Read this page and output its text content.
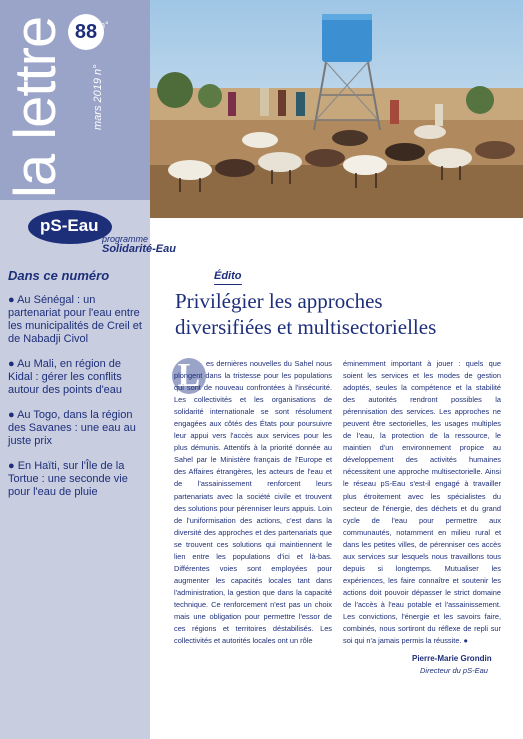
la lettre 88 n°
mars 2019 n°
pS-Eau
programme
Solidarité-Eau
Dans ce numéro
● Au Sénégal : un partenariat pour l'eau entre les municipalités de Creil et de Nabadji Civol
● Au Mali, en région de Kidal : gérer les conflits autour des points d'eau
● Au Togo, dans la région des Savanes : une eau au juste prix
● En Haïti, sur l'Île de la Tortue : une seconde vie pour l'eau de pluie
Édito
Privilégier les approches
diversifiées et multisectorielles
L es dernières nouvelles du Sahel nous plongent dans la tristesse pour les populations qui sont de nouveau confrontées à l'insécurité. Les collectivités et les organisations de solidarité internationale se sont résolument engagées aux côtés des États pour poursuivre leur appui vers l'accès aux services pour les plus démunis. Attentifs à la priorité donnée au Sahel par le Ministère français de l'Europe et des Affaires étrangères, les acteurs de l'eau et de l'assainissement renforcent leurs partenariats avec la société civile et trouvent des solutions pour pérenniser leurs appuis. Loin de l'uniformisation des actions, c'est dans la diversité des approches et des partenariats que se trouvent ces solutions qui maintiennent le lien entre les populations d'ici et là-bas. Différentes voies sont employées pour augmenter les capacités locales tant dans l'administration, la gestion que dans la capacité technique. Ce renforcement n'est pas un choix mais une obligation pour permettre l'essor de ces régions et territoires déstabilisés. Les collectivités et autorités locales ont un rôle
éminemment important à jouer : quels que soient les services et les modes de gestion adoptés, seules la compétence et la stabilité des autorités rendront possibles la pérennisation des services. Les approches ne peuvent être sectorielles, les usages multiples de l'eau, la protection de la ressource, le maintien d'un environnement propice au développement des activités humaines nécessitent une approche multisectorielle. Ainsi le réseau pS-Eau s'est-il engagé à travailler plus étroitement avec les spécialistes du secteur de l'énergie, des déchets et du grand cycle de l'eau pour permettre aux communautés, notamment en milieu rural et dans les petites villes, de pérenniser ces accès aux services sur lesquels nous travaillons tous depuis si longtemps. Mutualiser les expériences, les faire connaître et soutenir les actions doit pouvoir dépasser le strict domaine de l'accès à l'eau potable et l'assainissement. Les convictions, l'énergie et les savoirs faire, combinés, nous sortiront du réflexe de repli sur soi qui n'a jamais permis la réussite. ●
Pierre-Marie Grondin
Directeur du pS-Eau
